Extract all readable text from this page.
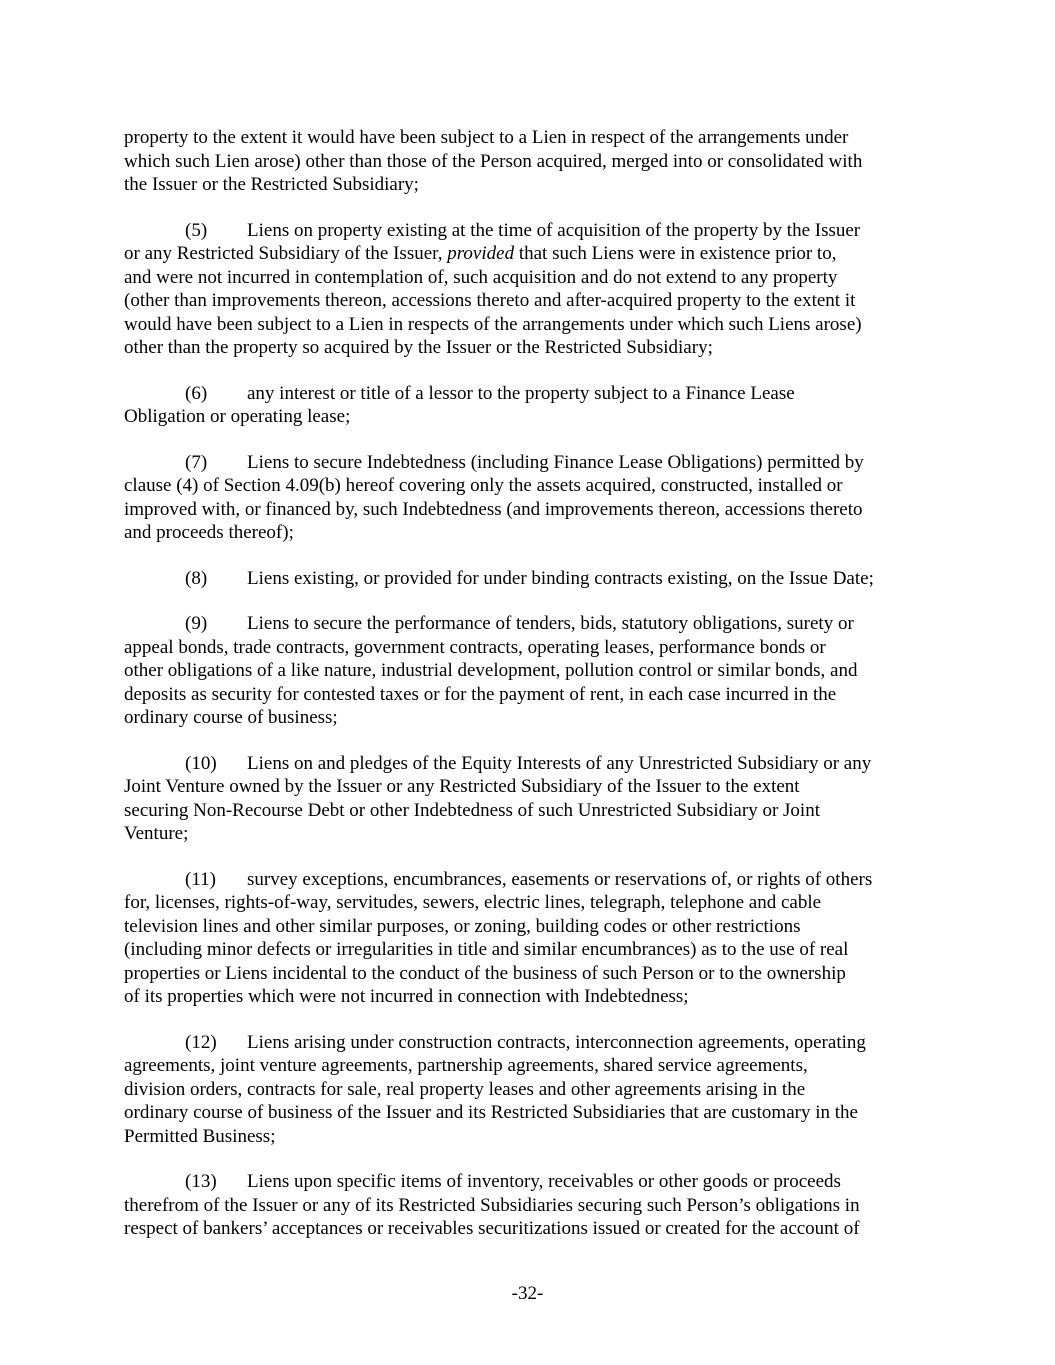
property to the extent it would have been subject to a Lien in respect of the arrangements under
which such Lien arose) other than those of the Person acquired, merged into or consolidated with
the Issuer or the Restricted Subsidiary;

(5) Liens on property existing at the time of acquisition of the property by the Issuer
or any Restricted Subsidiary of the Issuer, provided that such Liens were in existence prior to,
and were not incurred in contemplation of, such acquisition and do not extend to any property
(other than improvements thereon, accessions thereto and after-acquired property to the extent it
would have been subject to a Lien in respects of the arrangements under which such Liens arose)
other than the property so acquired by the Issuer or the Restricted Subsidiary;

(6) any interest or title of a lessor to the property subject to a Finance Lease
Obligation or operating lease;

(7) Liens to secure Indebtedness (including Finance Lease Obligations) permitted by
clause (4) of Section 4.09(b) hereof covering only the assets acquired, constructed, installed or
improved with, or financed by, such Indebtedness (and improvements thereon, accessions thereto
and proceeds thereof);

(8) Liens existing, or provided for under binding contracts existing, on the Issue Date;

(9) Liens to secure the performance of tenders, bids, statutory obligations, surety or
appeal bonds, trade contracts, government contracts, operating leases, performance bonds or
other obligations of a like nature, industrial development, pollution control or similar bonds, and
deposits as security for contested taxes or for the payment of rent, in each case incurred in the
ordinary course of business;

(10) Liens on and pledges of the Equity Interests of any Unrestricted Subsidiary or any
Joint Venture owned by the Issuer or any Restricted Subsidiary of the Issuer to the extent
securing Non-Recourse Debt or other Indebtedness of such Unrestricted Subsidiary or Joint
Venture;

(11) survey exceptions, encumbrances, easements or reservations of, or rights of others
for, licenses, rights-of-way, servitudes, sewers, electric lines, telegraph, telephone and cable
television lines and other similar purposes, or zoning, building codes or other restrictions
(including minor defects or irregularities in title and similar encumbrances) as to the use of real
properties or Liens incidental to the conduct of the business of such Person or to the ownership
of its properties which were not incurred in connection with Indebtedness;

(12) Liens arising under construction contracts, interconnection agreements, operating
agreements, joint venture agreements, partnership agreements, shared service agreements,
division orders, contracts for sale, real property leases and other agreements arising in the
ordinary course of business of the Issuer and its Restricted Subsidiaries that are customary in the
Permitted Business;

(13) Liens upon specific items of inventory, receivables or other goods or proceeds
therefrom of the Issuer or any of its Restricted Subsidiaries securing such Person’s obligations in
respect of bankers’ acceptances or receivables securitizations issued or created for the account of

-32-
